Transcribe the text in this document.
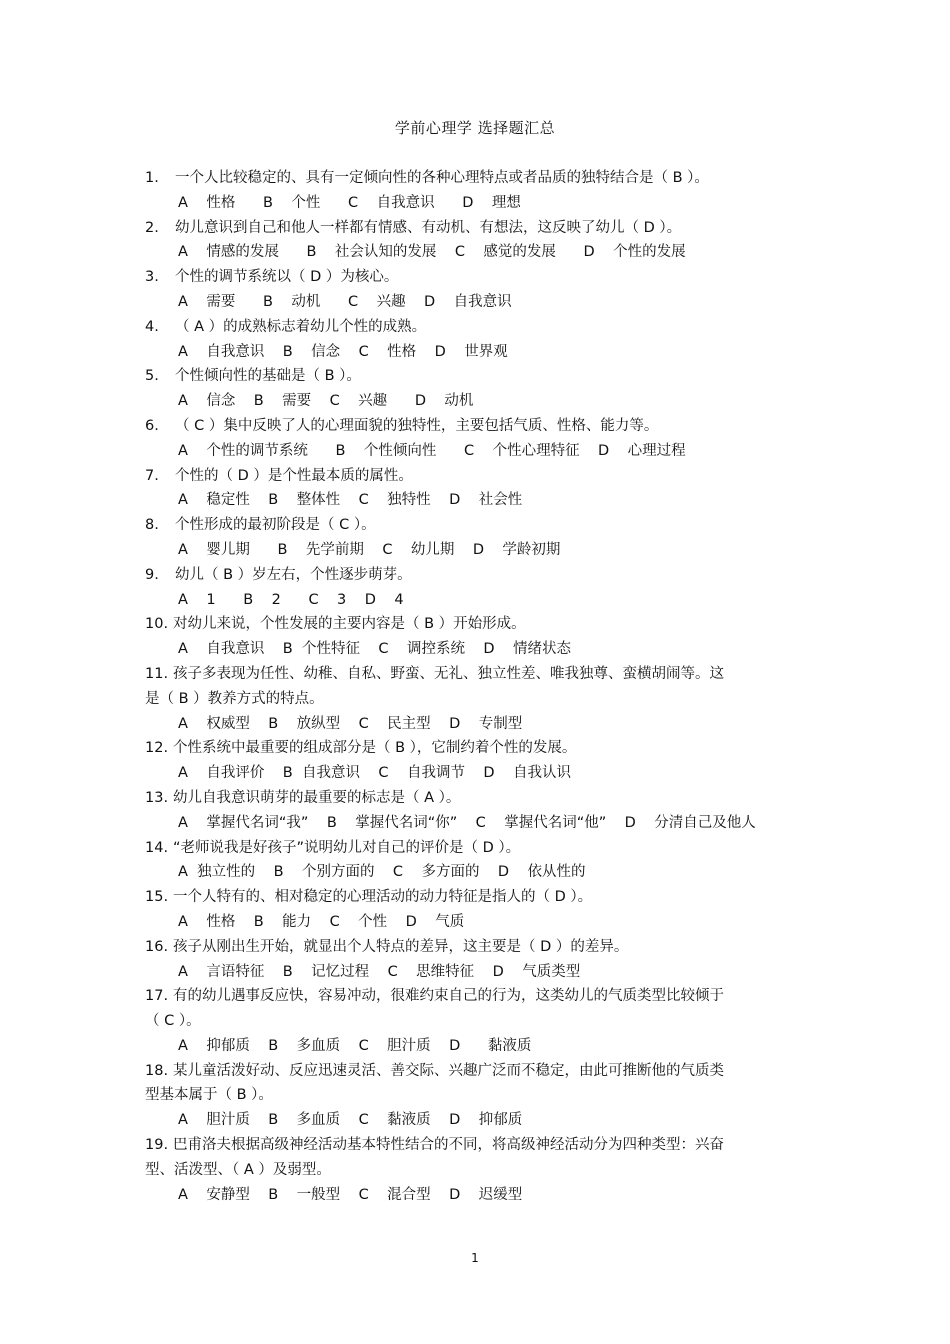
学前心理学 选择题汇总
1. 一个人比较稳定的、具有一定倾向性的各种心理特点或者品质的独特结合是（ B ）。
A    性格      B    个性      C    自我意识      D    理想
2. 幼儿意识到自己和他人一样都有情感、有动机、有想法，这反映了幼儿（ D ）。
A    情感的发展      B    社会认知的发展    C    感觉的发展      D    个性的发展
3. 个性的调节系统以（ D ）为核心。
A    需要      B    动机      C    兴趣    D    自我意识
4. （ A ）的成熟标志着幼儿个性的成熟。
A    自我意识    B    信念    C    性格    D    世界观
5. 个性倾向性的基础是（ B ）。
A    信念    B    需要    C    兴趣      D    动机
6. （ C ）集中反映了人的心理面貌的独特性，主要包括气质、性格、能力等。
A    个性的调节系统      B    个性倾向性      C    个性心理特征    D    心理过程
7. 个性的（ D ）是个性最本质的属性。
A    稳定性    B    整体性    C    独特性    D    社会性
8. 个性形成的最初阶段是（ C ）。
A    婴儿期      B    先学前期    C    幼儿期    D    学龄初期
9. 幼儿（ B ）岁左右，个性逐步萌芽。
A    1      B    2      C    3    D    4
10. 对幼儿来说，个性发展的主要内容是（ B ）开始形成。
A    自我意识    B  个性特征    C    调控系统    D    情绪状态
11. 孩子多表现为任性、幼稚、自私、野蛮、无礼、独立性差、唯我独尊、蛮横胡闹等。这
是（ B ）教养方式的特点。
A    权威型    B    放纵型    C    民主型    D    专制型
12. 个性系统中最重要的组成部分是（ B ），它制约着个性的发展。
A    自我评价    B  自我意识    C    自我调节    D    自我认识
13. 幼儿自我意识萌芽的最重要的标志是（ A ）。
A    掌握代名词“我”    B    掌握代名词“你”    C    掌握代名词“他”    D    分清自己及他人
14. “老师说我是好孩子”说明幼儿对自己的评价是（ D ）。
A  独立性的    B    个别方面的    C    多方面的    D    依从性的
15. 一个人特有的、相对稳定的心理活动的动力特征是指人的（ D ）。
A    性格    B    能力    C    个性    D    气质
16. 孩子从刚出生开始，就显出个人特点的差异，这主要是（ D ）的差异。
A    言语特征    B    记忆过程    C    思维特征    D    气质类型
17. 有的幼儿遇事反应快，容易冲动，很难约束自己的行为，这类幼儿的气质类型比较倾于
（ C ）。
A    抑郁质    B    多血质    C    胆汁质    D      黏液质
18. 某儿童活泼好动、反应迅速灵活、善交际、兴趣广泛而不稳定，由此可推断他的气质类
型基本属于（ B ）。
A    胆汁质    B    多血质    C    黏液质    D    抑郁质
19. 巴甫洛夫根据高级神经活动基本特性结合的不同，将高级神经活动分为四种类型：兴奋
型、活泼型、（ A ）及弱型。
A    安静型    B    一般型    C    混合型    D    迟缓型
1
